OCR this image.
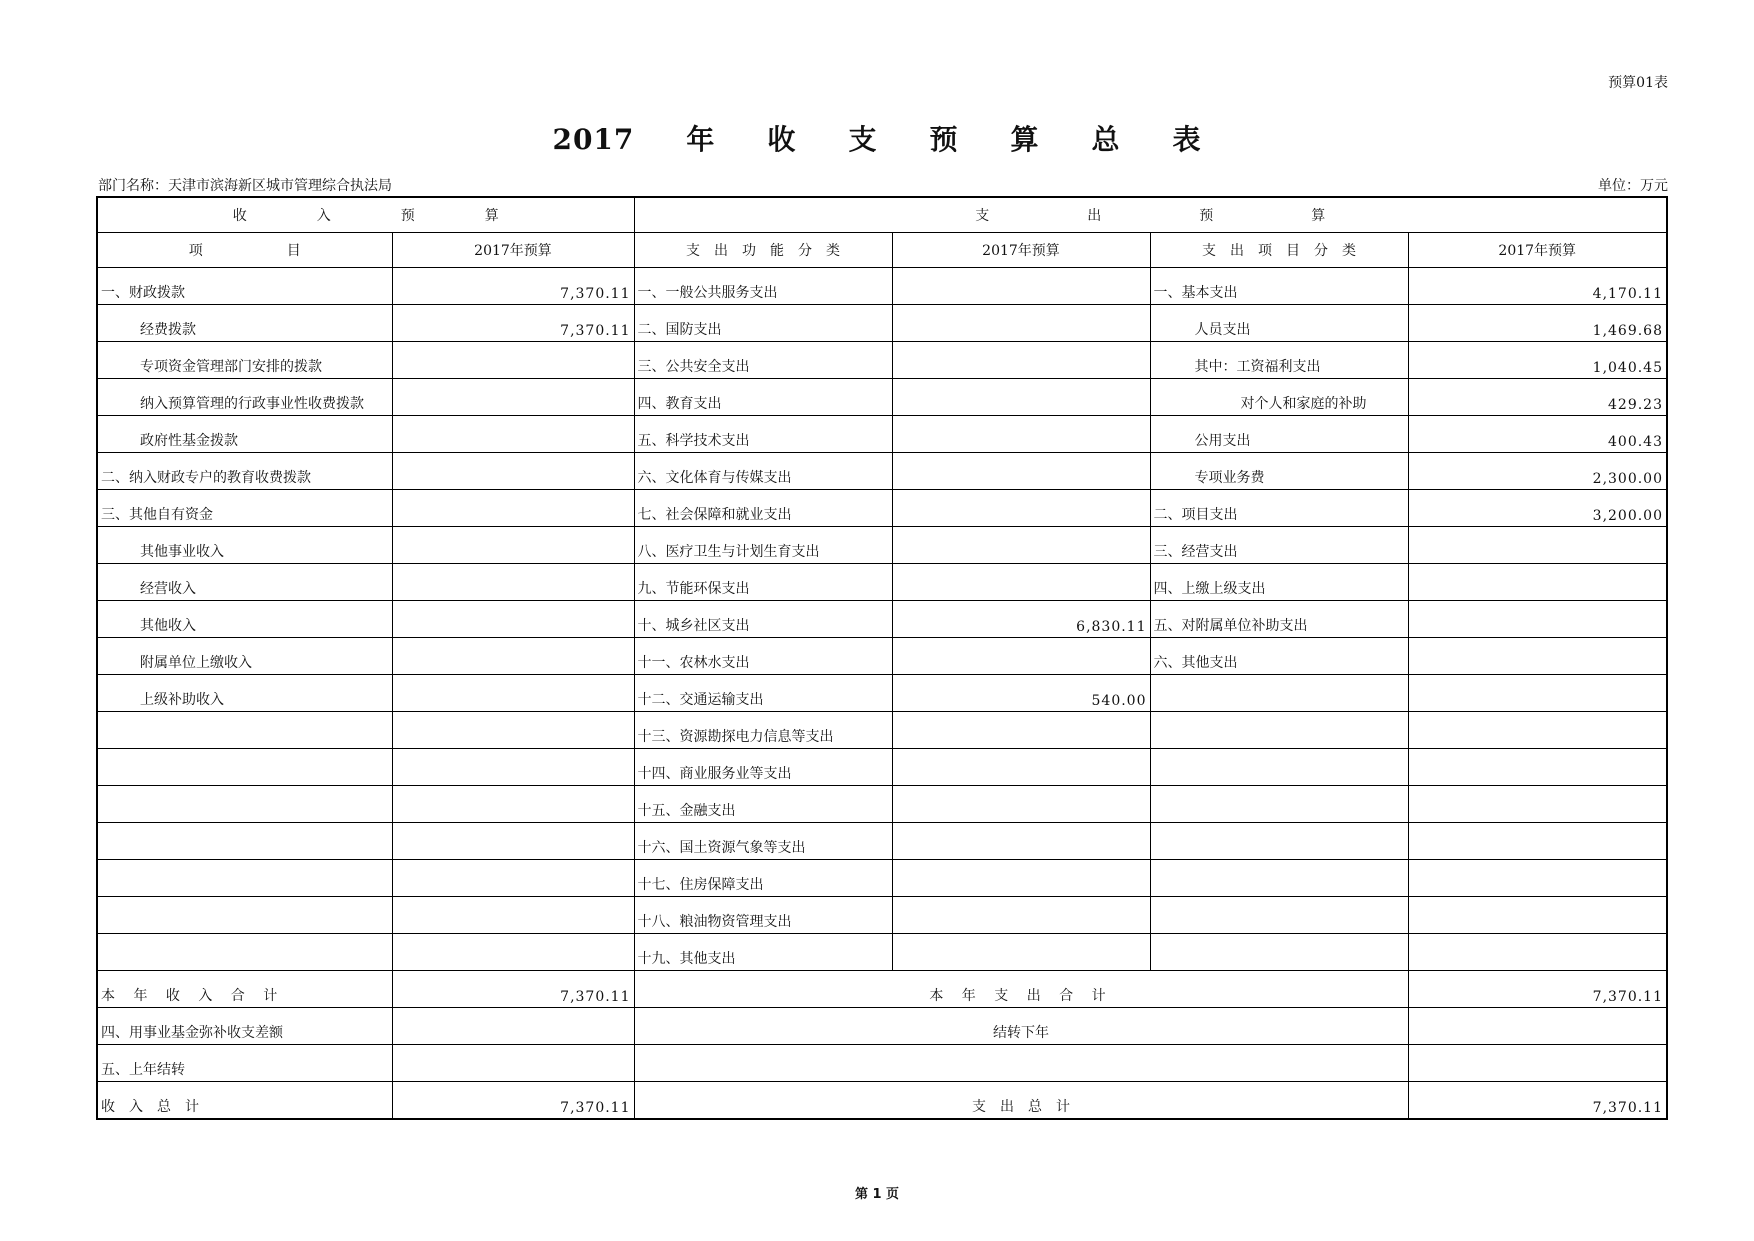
预算01表
2017 年 收 支 预 算 总 表
部门名称：天津市滨海新区城市管理综合执法局	单位：万元
收　　　　　入　　　　　预　　　　　算		支　　　　　　　出　　　　　　　预　　　　　　　算			
项　　　　　　目	2017年预算	支　出　功　能　分　类	2017年预算	支　出　项　目　分　类	2017年预算
一、财政拨款	7,370.11	一、一般公共服务支出		一、基本支出	4,170.11
经费拨款	7,370.11	二、国防支出		人员支出	1,469.68
专项资金管理部门安排的拨款		三、公共安全支出		其中：工资福利支出	1,040.45
纳入预算管理的行政事业性收费拨款		四、教育支出		对个人和家庭的补助	429.23
政府性基金拨款		五、科学技术支出		公用支出	400.43
二、纳入财政专户的教育收费拨款		六、文化体育与传媒支出		专项业务费	2,300.00
三、其他自有资金		七、社会保障和就业支出		二、项目支出	3,200.00
其他事业收入		八、医疗卫生与计划生育支出		三、经营支出	
经营收入		九、节能环保支出		四、上缴上级支出	
其他收入		十、城乡社区支出	6,830.11	五、对附属单位补助支出	
附属单位上缴收入		十一、农林水支出		六、其他支出	
上级补助收入		十二、交通运输支出	540.00		
		十三、资源勘探电力信息等支出			
		十四、商业服务业等支出			
		十五、金融支出			
		十六、国土资源气象等支出			
		十七、住房保障支出			
		十八、粮油物资管理支出			
		十九、其他支出			
本 年 收 入 合 计	7,370.11	本 年 支 出 合 计			7,370.11
四、用事业基金弥补收支差额		结转下年			
五、上年结转					
收　入　总　计	7,370.11	支　出　总　计			7,370.11
第 1 页
